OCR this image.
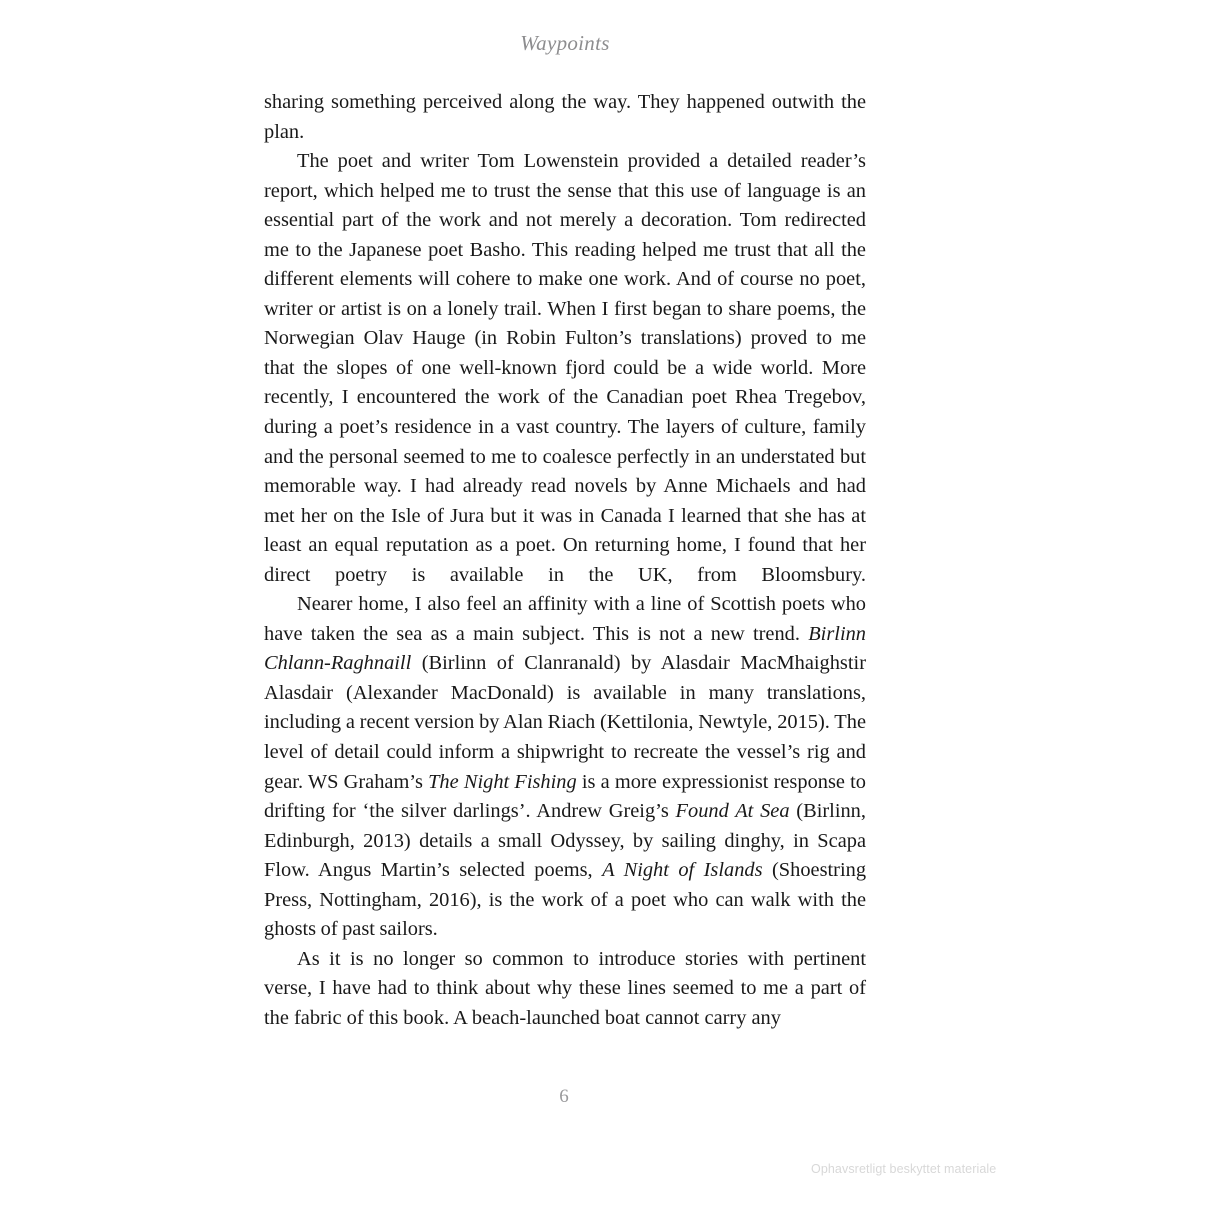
Waypoints

sharing something perceived along the way. They happened outwith the plan.

The poet and writer Tom Lowenstein provided a detailed reader’s report, which helped me to trust the sense that this use of language is an essential part of the work and not merely a decoration. Tom redirected me to the Japanese poet Basho. This reading helped me trust that all the different elements will cohere to make one work. And of course no poet, writer or artist is on a lonely trail. When I first began to share poems, the Norwegian Olav Hauge (in Robin Fulton’s translations) proved to me that the slopes of one well-known fjord could be a wide world. More recently, I encountered the work of the Canadian poet Rhea Tregebov, during a poet’s residence in a vast country. The layers of culture, family and the personal seemed to me to coalesce perfectly in an understated but memorable way. I had already read novels by Anne Michaels and had met her on the Isle of Jura but it was in Canada I learned that she has at least an equal reputation as a poet. On returning home, I found that her direct poetry is available in the UK, from Bloomsbury.

Nearer home, I also feel an affinity with a line of Scottish poets who have taken the sea as a main subject. This is not a new trend. Birlinn Chlann-Raghnaill (Birlinn of Clanranald) by Alasdair MacMhaighstir Alasdair (Alexander MacDonald) is available in many translations, including a recent version by Alan Riach (Kettilonia, Newtyle, 2015). The level of detail could inform a shipwright to recreate the vessel’s rig and gear. WS Graham’s The Night Fishing is a more expressionist response to drifting for ‘the silver darlings’. Andrew Greig’s Found At Sea (Birlinn, Edinburgh, 2013) details a small Odyssey, by sailing dinghy, in Scapa Flow. Angus Martin’s selected poems, A Night of Islands (Shoestring Press, Nottingham, 2016), is the work of a poet who can walk with the ghosts of past sailors.

As it is no longer so common to introduce stories with pertinent verse, I have had to think about why these lines seemed to me a part of the fabric of this book. A beach-launched boat cannot carry any

6
Ophavsretligt beskyttet materiale
